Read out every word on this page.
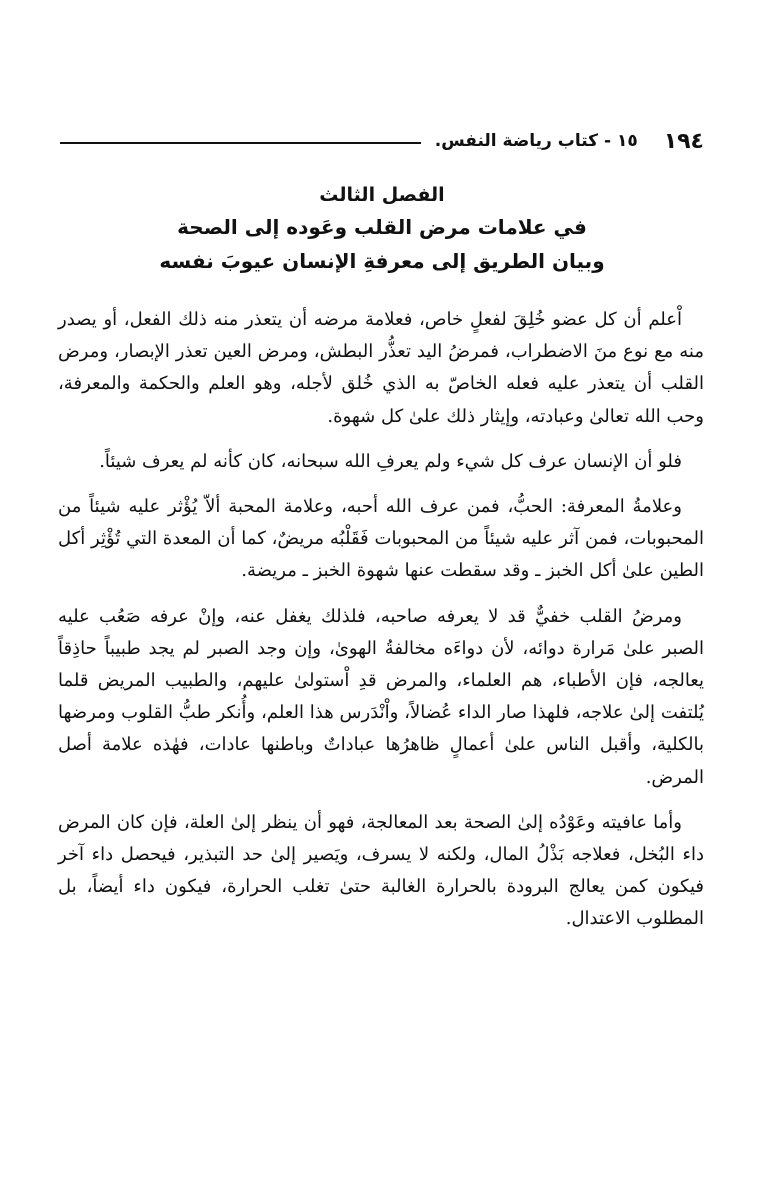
١٩٤
١٥ - كتاب رياضة النفس.

الفصل الثالث

في علامات مرض القلب وعَوده إلى الصحة

وبيان الطريق إلى معرفةِ الإنسان عيوبَ نفسه

اْعلم أن كل عضو خُلِقَ لفعلٍ خاص، فعلامة مرضه أن يتعذر منه ذلك الفعل، أو يصدر منه مع نوع منَ الاضطراب، فمرضُ اليد تعذُّر البطش، ومرض العين تعذر الإبصار، ومرض القلب أن يتعذر عليه فعله الخاصّ به الذي خُلق لأجله، وهو العلم والحكمة والمعرفة، وحب الله تعالىٰ وعبادته، وإيثار ذلك علىٰ كل شهوة.

فلو أن الإنسان عرف كل شيء ولم يعرفِ الله سبحانه، كان كأنه لم يعرف شيئاً.

وعلامةُ المعرفة: الحبُّ، فمن عرف الله أحبه، وعلامة المحبة ألاّ يُؤْثر عليه شيئاً من المحبوبات، فمن آثر عليه شيئاً من المحبوبات فَقَلْبُه مريضٌ، كما أن المعدة التي تُؤْثِر أكل الطين علىٰ أكل الخبز ـ وقد سقطت عنها شهوة الخبز ـ مريضة.

ومرضُ القلب خفيٌّ قد لا يعرفه صاحبه، فلذلك يغفل عنه، وإنْ عرفه صَعُب عليه الصبر علىٰ مَرارة دوائه، لأن دواءَه مخالفةُ الهوىٰ، وإن وجد الصبر لم يجد طبيباً حاذِقاً يعالجه، فإن الأطباء، هم العلماء، والمرض قدِ اْستولىٰ عليهم، والطبيب المريض قلما يُلتفت إلىٰ علاجه، فلهذا صار الداء عُضالاً، واْنْدَرس هذا العلم، وأُنكر طبُّ القلوب ومرضها بالكلية، وأقبل الناس علىٰ أعمالٍ ظاهرُها عباداتٌ وباطنها عادات، فهٰذه علامة أصل المرض.

وأما عافيته وعَوْدُه إلىٰ الصحة بعد المعالجة، فهو أن ينظر إلىٰ العلة، فإن كان المرض داء البُخل، فعلاجه بَذْلُ المال، ولكنه لا يسرف، ويَصير إلىٰ حد التبذير، فيحصل داء آخر فيكون كمن يعالج البرودة بالحرارة الغالبة حتىٰ تغلب الحرارة، فيكون داء أيضاً، بل المطلوب الاعتدال.
